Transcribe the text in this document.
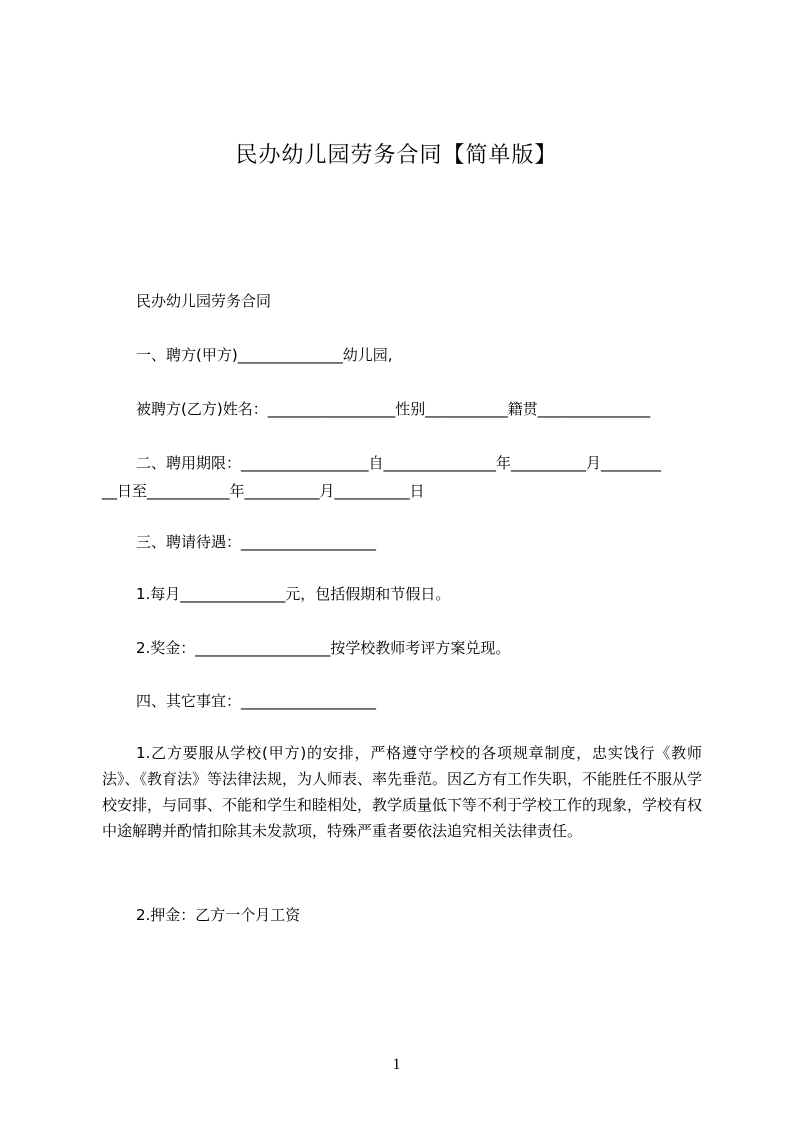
民办幼儿园劳务合同【简单版】

民办幼儿园劳务合同

一、聘方(甲方)______________幼儿园,

被聘方(乙方)姓名：_________________性别___________籍贯_______________

二、聘用期限：_________________自_______________年__________月________

__日至___________年__________月__________日

三、聘请待遇：__________________

1.每月______________元，包括假期和节假日。

2.奖金：__________________按学校教师考评方案兑现。

四、其它事宜：__________________

1.乙方要服从学校(甲方)的安排，严格遵守学校的各项规章制度，忠实饯行《教师法》、《教育法》等法律法规，为人师表、率先垂范。因乙方有工作失职，不能胜任不服从学校安排，与同事、不能和学生和睦相处，教学质量低下等不利于学校工作的现象，学校有权中途解聘并酌情扣除其未发款项，特殊严重者要依法追究相关法律责任。

2.押金：乙方一个月工资

1
